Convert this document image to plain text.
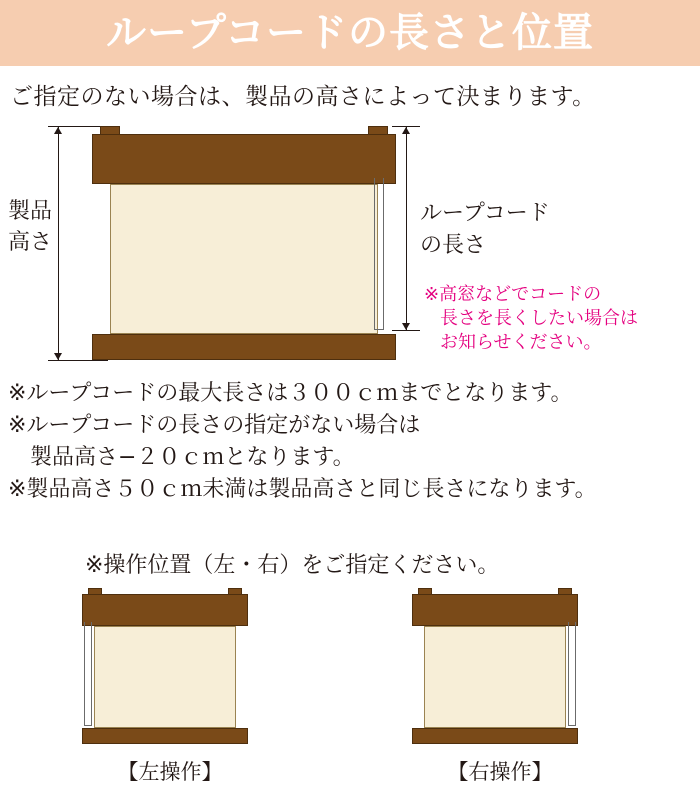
ループコードの長さと位置
ご指定のない場合は、製品の高さによって決まります。
製品
高さ
ループコード
の長さ
※高窓などでコードの
長さを長くしたい場合は
お知らせください。
※ループコードの最大長さは３００ｃｍまでとなります。
※ループコードの長さの指定がない場合は
製品高さ−２０ｃｍとなります。
※製品高さ５０ｃｍ未満は製品高さと同じ長さになります。
※操作位置（左・右）をご指定ください。
【左操作】	【右操作】
